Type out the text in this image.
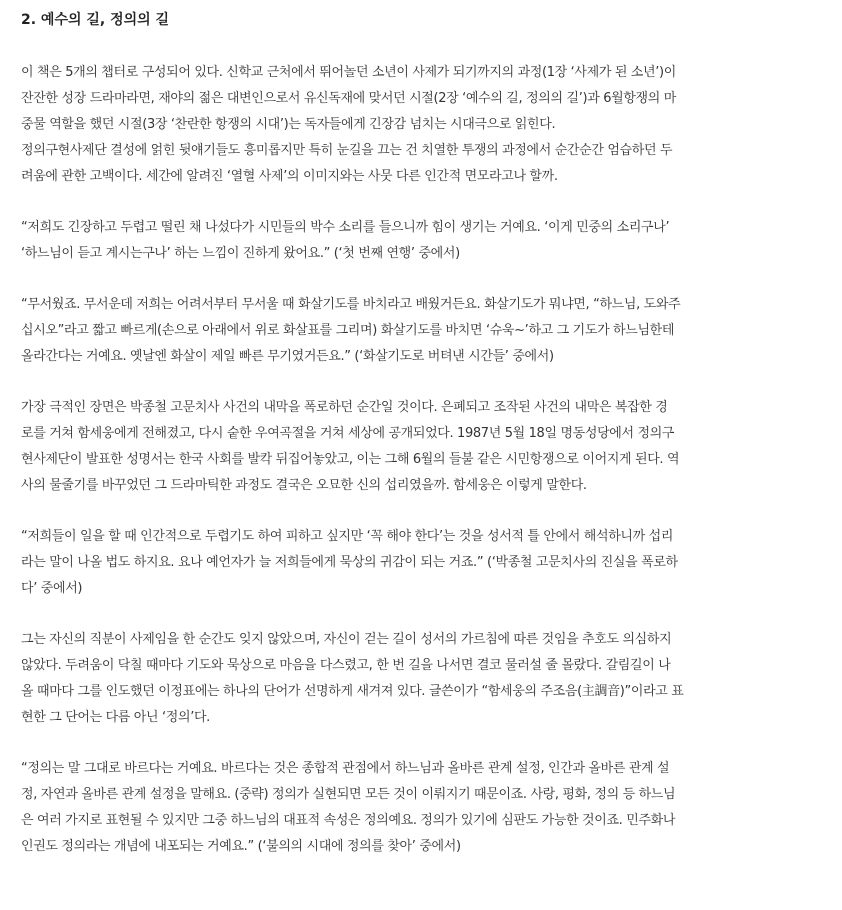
2. 예수의 길, 정의의 길
이 책은 5개의 챕터로 구성되어 있다. 신학교 근처에서 뛰어놀던 소년이 사제가 되기까지의 과정(1장 ‘사제가 된 소년’)이
잔잔한 성장 드라마라면, 재야의 젊은 대변인으로서 유신독재에 맞서던 시절(2장 ‘예수의 길, 정의의 길’)과 6월항쟁의 마
중물 역할을 했던 시절(3장 ‘찬란한 항쟁의 시대’)는 독자들에게 긴장감 넘치는 시대극으로 읽힌다.
정의구현사제단 결성에 얽힌 뒷얘기들도 흥미롭지만 특히 눈길을 끄는 건 치열한 투쟁의 과정에서 순간순간 엄습하던 두
려움에 관한 고백이다. 세간에 알려진 ‘열혈 사제’의 이미지와는 사뭇 다른 인간적 면모라고나 할까.
“저희도 긴장하고 두렵고 떨린 채 나섰다가 시민들의 박수 소리를 들으니까 힘이 생기는 거예요. ‘이게 민중의 소리구나’
‘하느님이 듣고 계시는구나’ 하는 느낌이 진하게 왔어요.” (‘첫 번째 연행’ 중에서)
“무서웠죠. 무서운데 저희는 어려서부터 무서울 때 화살기도를 바치라고 배웠거든요. 화살기도가 뭐냐면, “하느님, 도와주
십시오”라고 짧고 빠르게(손으로 아래에서 위로 화살표를 그리며) 화살기도를 바치면 ‘슈욱~’하고 그 기도가 하느님한테
올라간다는 거예요. 옛날엔 화살이 제일 빠른 무기였거든요.” (‘화살기도로 버텨낸 시간들’ 중에서)
가장 극적인 장면은 박종철 고문치사 사건의 내막을 폭로하던 순간일 것이다. 은폐되고 조작된 사건의 내막은 복잡한 경
로를 거쳐 함세웅에게 전해졌고, 다시 숱한 우여곡절을 거쳐 세상에 공개되었다. 1987년 5월 18일 명동성당에서 정의구
현사제단이 발표한 성명서는 한국 사회를 발칵 뒤집어놓았고, 이는 그해 6월의 들불 같은 시민항쟁으로 이어지게 된다. 역
사의 물줄기를 바꾸었던 그 드라마틱한 과정도 결국은 오묘한 신의 섭리였을까. 함세웅은 이렇게 말한다.
“저희들이 일을 할 때 인간적으로 두렵기도 하여 피하고 싶지만 ‘꼭 해야 한다’는 것을 성서적 틀 안에서 해석하니까 섭리
라는 말이 나올 법도 하지요. 요나 예언자가 늘 저희들에게 묵상의 귀감이 되는 거죠.” (‘박종철 고문치사의 진실을 폭로하
다’ 중에서)
그는 자신의 직분이 사제임을 한 순간도 잊지 않았으며, 자신이 걷는 길이 성서의 가르침에 따른 것임을 추호도 의심하지
않았다. 두려움이 닥칠 때마다 기도와 묵상으로 마음을 다스렸고, 한 번 길을 나서면 결코 물러설 줄 몰랐다. 갈림길이 나
올 때마다 그를 인도했던 이정표에는 하나의 단어가 선명하게 새겨져 있다. 글쓴이가 “함세웅의 주조음(主調音)”이라고 표
현한 그 단어는 다름 아닌 ‘정의’다.
“정의는 말 그대로 바르다는 거예요. 바르다는 것은 종합적 관점에서 하느님과 올바른 관계 설정, 인간과 올바른 관계 설
정, 자연과 올바른 관계 설정을 말해요. (중략) 정의가 실현되면 모든 것이 이뤄지기 때문이죠. 사랑, 평화, 정의 등 하느님
은 여러 가지로 표현될 수 있지만 그중 하느님의 대표적 속성은 정의예요. 정의가 있기에 심판도 가능한 것이죠. 민주화나
인권도 정의라는 개념에 내포되는 거예요.” (‘불의의 시대에 정의를 찾아’ 중에서)
